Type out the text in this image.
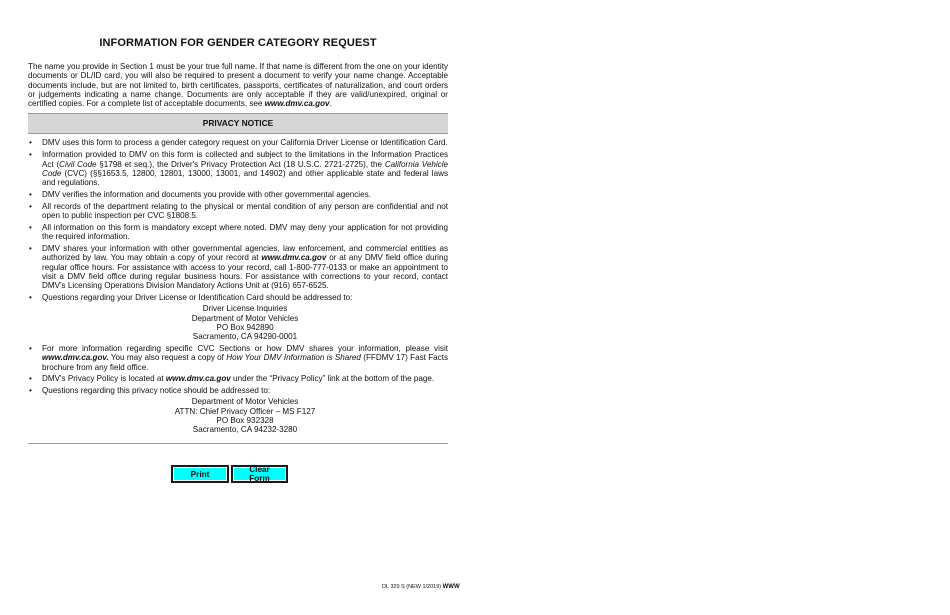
INFORMATION FOR GENDER CATEGORY REQUEST

The name you provide in Section 1 must be your true full name. If that name is different from the one on your identity documents or DL/ID card, you will also be required to present a document to verify your name change. Acceptable documents include, but are not limited to, birth certificates, passports, certificates of naturalization, and court orders or judgements indicating a name change. Documents are only acceptable if they are valid/unexpired, original or certified copies. For a complete list of acceptable documents, see www.dmv.ca.gov.

PRIVACY NOTICE
• DMV uses this form to process a gender category request on your California Driver License or Identification Card.
• Information provided to DMV on this form is collected and subject to the limitations in the Information Practices Act (Civil Code §1798 et seq.), the Driver's Privacy Protection Act (18 U.S.C. 2721-2725), the California Vehicle Code (CVC) (§§1653.5, 12800, 12801, 13000, 13001, and 14902) and other applicable state and federal laws and regulations.
• DMV verifies the information and documents you provide with other governmental agencies.
• All records of the department relating to the physical or mental condition of any person are confidential and not open to public inspection per CVC §1808.5.
• All information on this form is mandatory except where noted. DMV may deny your application for not providing the required information.
• DMV shares your information with other governmental agencies, law enforcement, and commercial entities as authorized by law. You may obtain a copy of your record at www.dmv.ca.gov or at any DMV field office during regular office hours. For assistance with access to your record, call 1-800-777-0133 or make an appointment to visit a DMV field office during regular business hours. For assistance with corrections to your record, contact DMV's Licensing Operations Division Mandatory Actions Unit at (916) 657-6525.
• Questions regarding your Driver License or Identification Card should be addressed to:
Driver License Inquiries
Department of Motor Vehicles
PO Box 942890
Sacramento, CA 94290-0001
• For more information regarding specific CVC Sections or how DMV shares your information, please visit www.dmv.ca.gov. You may also request a copy of How Your DMV Information is Shared (FFDMV 17) Fast Facts brochure from any field office.
• DMV's Privacy Policy is located at www.dmv.ca.gov under the “Privacy Policy” link at the bottom of the page.
• Questions regarding this privacy notice should be addressed to:
Department of Motor Vehicles
ATTN: Chief Privacy Officer – MS F127
PO Box 932328
Sacramento, CA 94232-3280
Print	Clear Form
DL 329 S (NEW 1/2019) WWW
